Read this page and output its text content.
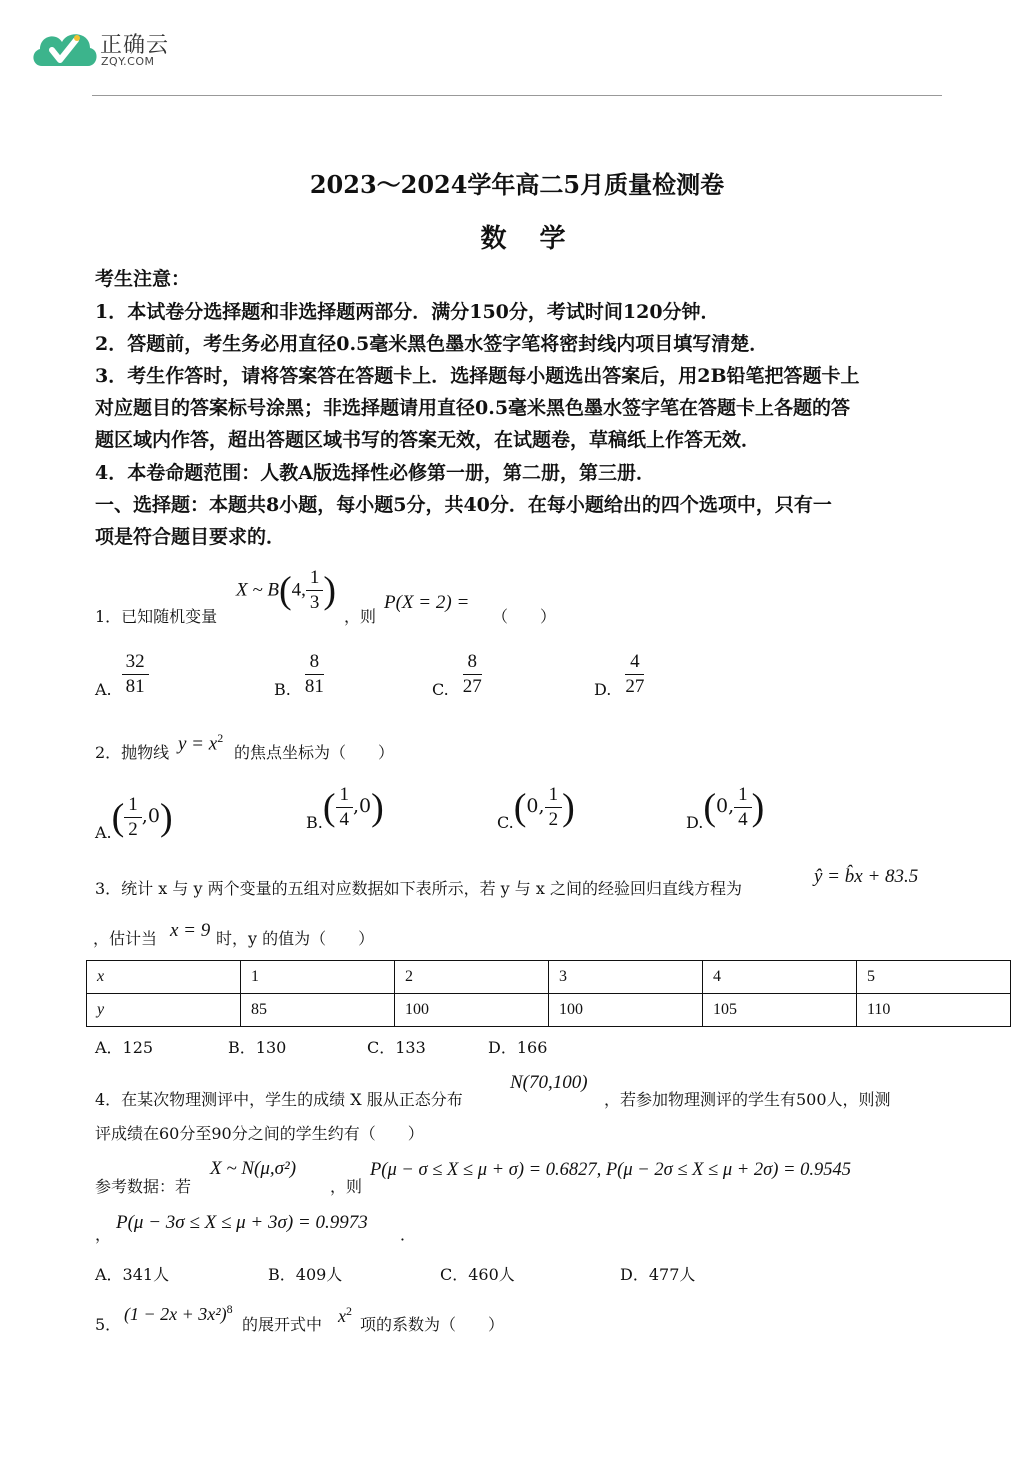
正确云
ZQY.COM
2023～2024学年高二5月质量检测卷
数 学
考生注意：
1．本试卷分选择题和非选择题两部分．满分150分，考试时间120分钟．
2．答题前，考生务必用直径0.5毫米黑色墨水签字笔将密封线内项目填写清楚．
3．考生作答时，请将答案答在答题卡上．选择题每小题选出答案后，用2B铅笔把答题卡上
对应题目的答案标号涂黑；非选择题请用直径0.5毫米黑色墨水签字笔在答题卡上各题的答
题区域内作答，超出答题区域书写的答案无效，在试题卷，草稿纸上作答无效．
4．本卷命题范围：人教A版选择性必修第一册，第二册，第三册．
一、选择题：本题共8小题，每小题5分，共40分．在每小题给出的四个选项中，只有一
项是符合题目要求的．
1．已知随机变量
X ~ B(4, $\frac{1}{3}$ )
，则
P(X = 2) =
（　　）
A. $\frac{32}{81}$	B. $\frac{8}{81}$	C. $\frac{8}{27}$	D. $\frac{4}{27}$
2．抛物线 $y = x^2$
的焦点坐标为（　　）
$A.( \frac{1}{2} ,0)$	$B.( \frac{1}{4} ,0)$	C.(0, $\frac{1}{2}$ )	D.(0, $\frac{1}{4}$ )
3．统计 x 与 y 两个变量的五组对应数据如下表所示，若 y 与 x 之间的经验回归直线方程为
ŷ = b̂x + 83.5
，估计当 x = 9 时，y 的值为（　　）
x	1	2	3	4	5
y	85	100	100	105	110
A．125	B．130	C．133	D．166
4．在某次物理测评中，学生的成绩 X 服从正态分布
N(70,100)
，若参加物理测评的学生有500人，则测
评成绩在60分至90分之间的学生约有（　　）
参考数据：若
X ~ N(μ,σ²)
，则
P(μ − σ ≤ X ≤ μ + σ) = 0.6827, P(μ − 2σ ≤ X ≤ μ + 2σ) = 0.9545
，
P(μ − 3σ ≤ X ≤ μ + 3σ) = 0.9973
．
A．341人	B．409人	C．460人	D．477人
5．
$(1 - 2x + 3x^2)^8$
的展开式中 $x^2$
项的系数为（　　）
